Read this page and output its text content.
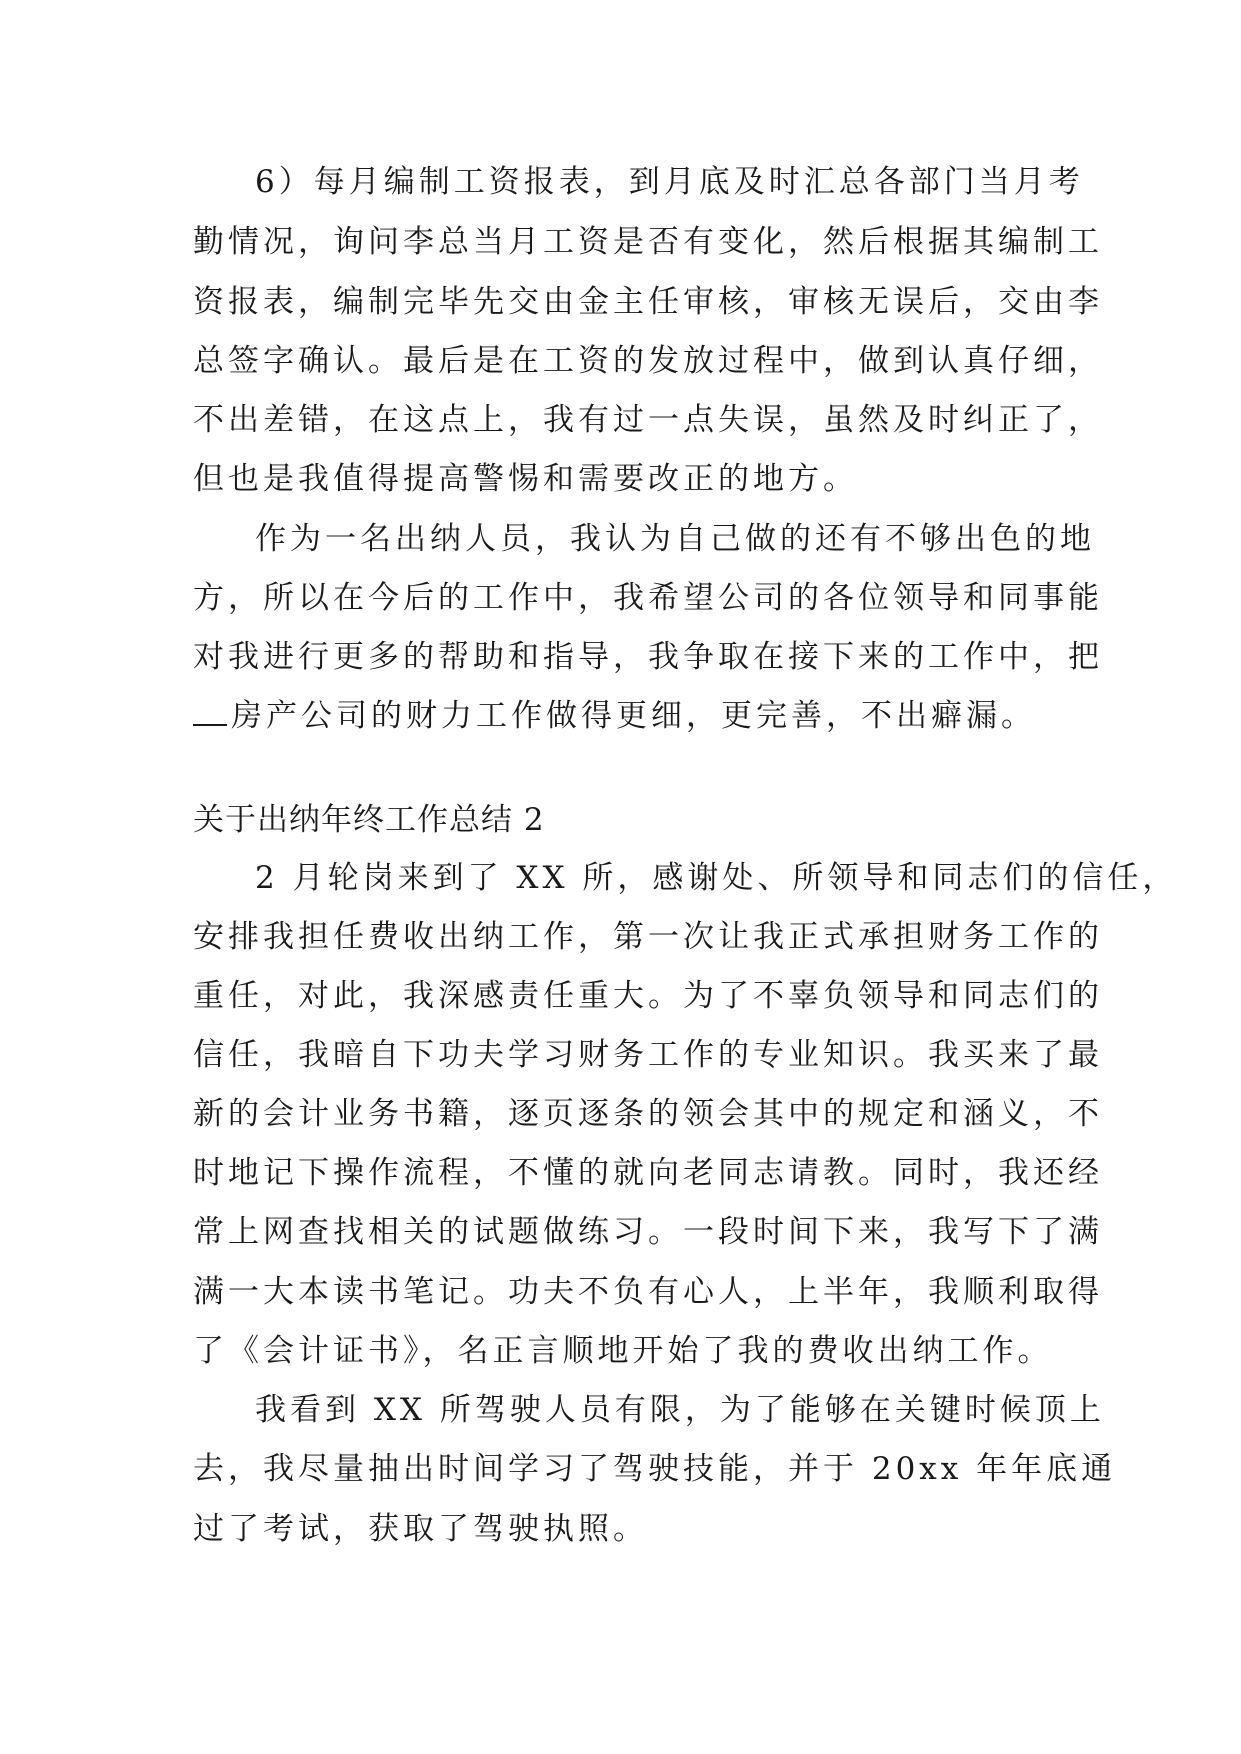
6）每月编制工资报表，到月底及时汇总各部门当月考

勤情况，询问李总当月工资是否有变化，然后根据其编制工

资报表，编制完毕先交由金主任审核，审核无误后，交由李

总签字确认。最后是在工资的发放过程中，做到认真仔细，

不出差错，在这点上，我有过一点失误，虽然及时纠正了，

但也是我值得提高警惕和需要改正的地方。

作为一名出纳人员，我认为自己做的还有不够出色的地

方，所以在今后的工作中，我希望公司的各位领导和同事能

对我进行更多的帮助和指导，我争取在接下来的工作中，把

房产公司的财力工作做得更细，更完善，不出癖漏。

关于出纳年终工作总结 2

2 月轮岗来到了 XX 所，感谢处、所领导和同志们的信任，

安排我担任费收出纳工作，第一次让我正式承担财务工作的

重任，对此，我深感责任重大。为了不辜负领导和同志们的

信任，我暗自下功夫学习财务工作的专业知识。我买来了最

新的会计业务书籍，逐页逐条的领会其中的规定和涵义，不

时地记下操作流程，不懂的就向老同志请教。同时，我还经

常上网查找相关的试题做练习。一段时间下来，我写下了满

满一大本读书笔记。功夫不负有心人，上半年，我顺利取得

了《会计证书》，名正言顺地开始了我的费收出纳工作。

我看到 XX 所驾驶人员有限，为了能够在关键时候顶上

去，我尽量抽出时间学习了驾驶技能，并于 20xx 年年底通

过了考试，获取了驾驶执照。
